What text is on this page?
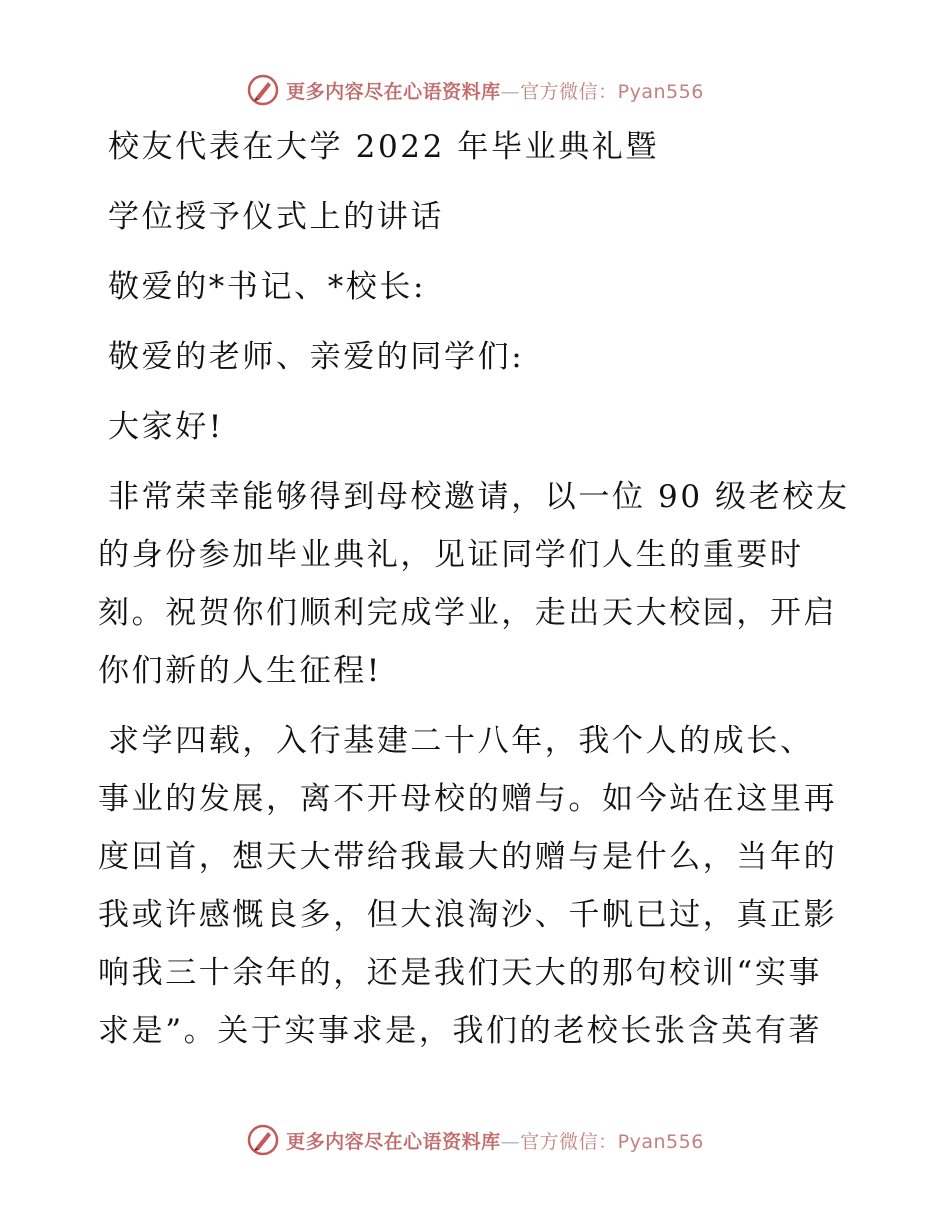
更多内容尽在心语资料库—官方微信：Pyan556
校友代表在大学 2022 年毕业典礼暨
学位授予仪式上的讲话
敬爱的*书记、*校长:
敬爱的老师、亲爱的同学们:
大家好!
非常荣幸能够得到母校邀请，以一位 90 级老校友
的身份参加毕业典礼，见证同学们人生的重要时
刻。祝贺你们顺利完成学业，走出天大校园，开启
你们新的人生征程!
求学四载，入行基建二十八年，我个人的成长、
事业的发展，离不开母校的赠与。如今站在这里再
度回首，想天大带给我最大的赠与是什么，当年的
我或许感慨良多，但大浪淘沙、千帆已过，真正影
响我三十余年的，还是我们天大的那句校训“实事
求是”。关于实事求是，我们的老校长张含英有著
更多内容尽在心语资料库—官方微信：Pyan556
